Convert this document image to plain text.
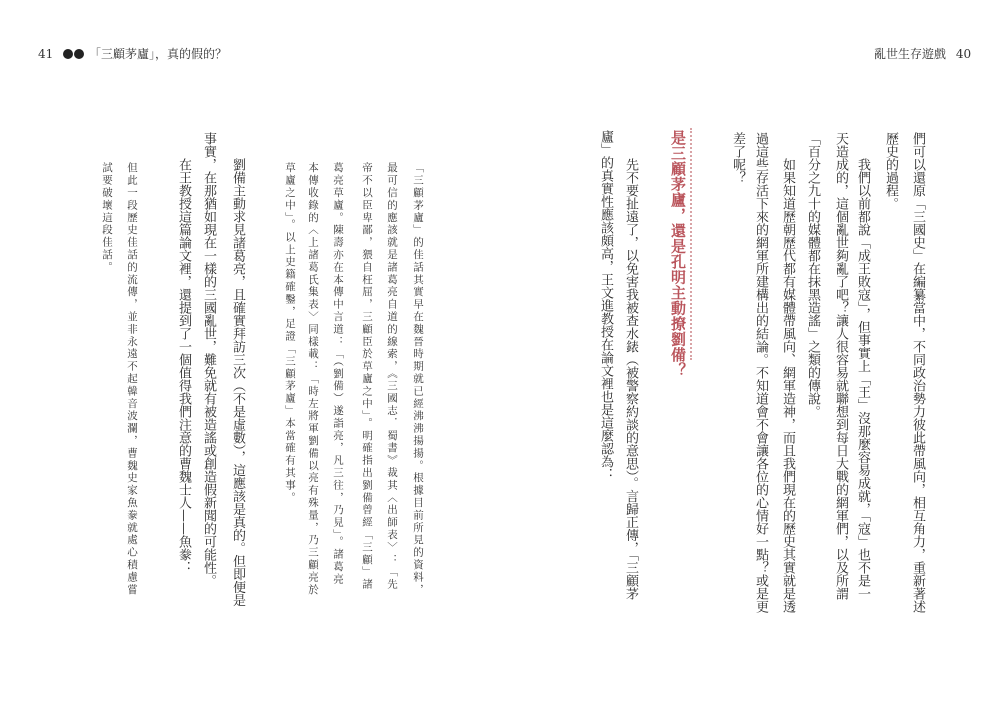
41	「三顧茅廬」，真的假的？	亂世生存遊戲 40
們可以還原「三國史」在編纂當中，不同政治勢力彼此帶風向，相互角力，重新著述
歷史的過程。
我們以前都說「成王敗寇」，但事實上「王」沒那麼容易成就，「寇」也不是一
天造成的，這個亂世夠亂了吧？讓人很容易就聯想到每日大戰的網軍們，以及所謂
「百分之九十的媒體都在抹黑造謠」之類的傳說。
如果知道歷朝歷代都有媒體帶風向、網軍造神，而且我們現在的歷史其實就是透
過這些存活下來的網軍所建構出的結論。不知道會不會讓各位的心情好一點？或是更
差了呢？
是三顧茅廬，還是孔明主動撩劉備？
先不要扯遠了，以免害我被查水錶（被警察約談的意思）。言歸正傳，「三顧茅
廬」的真實性應該頗高，王文進教授在論文裡也是這麼認為：
「三顧茅廬」的佳話其實早在魏晉時期就已經沸沸揚揚。根據目前所見的資料，
最可信的應該就是諸葛亮自道的線索，《三國志．蜀書》裁其〈出師表〉：「先
帝不以臣卑鄙，猥自枉屈，三顧臣於草廬之中」。明確指出劉備曾經「三顧」諸
葛亮草廬。陳壽亦在本傳中言道：「（劉備）遂詣亮，凡三往，乃見」。諸葛亮
本傳收錄的〈上諸葛氏集表〉同樣載：「時左將軍劉備以亮有殊量，乃三顧亮於
草廬之中」。以上史籍確鑿，足證「三顧茅廬」本當確有其事。
劉備主動求見諸葛亮，且確實拜訪三次（不是虛數），這應該是真的。但即便是
事實，在那猶如現在一樣的三國亂世，難免就有被造謠或創造假新聞的可能性。
在王教授這篇論文裡，還提到了一個值得我們注意的曹魏士人——魚豢：
但此一段歷史佳話的流傳，並非永遠不起韓音波瀾，曹魏史家魚豢就處心積慮嘗
試要破壞這段佳話。
